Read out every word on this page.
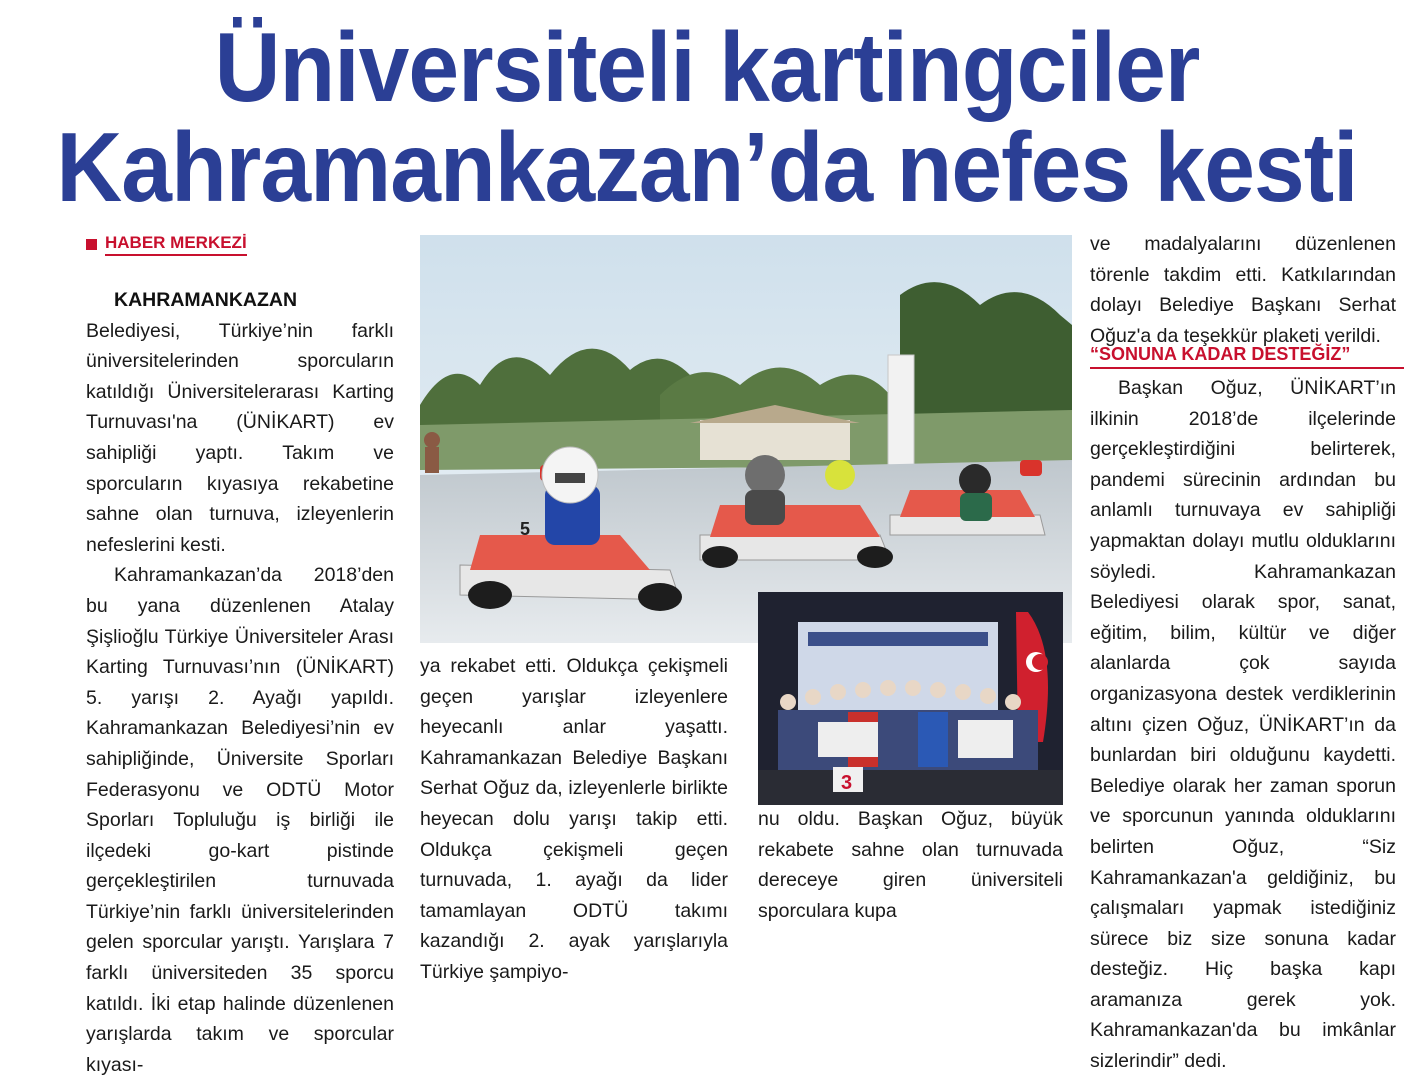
Üniversiteli kartingciler
Kahramankazan’da nefes kesti
HABER MERKEZİ

KAHRAMANKAZAN Belediyesi, Türkiye’nin farklı üniversitelerinden sporcuların katıldığı Üniversitelerarası Karting Turnuvası'na (ÜNİKART) ev sahipliği yaptı. Takım ve sporcuların kıyasıya rekabetine sahne olan turnuva, izleyenlerin nefeslerini kesti.

Kahramankazan’da 2018’den bu yana düzenlenen Atalay Şişlioğlu Türkiye Üniversiteler Arası Karting Turnuvası’nın (ÜNİKART) 5. yarışı 2. Ayağı yapıldı. Kahramankazan Belediyesi’nin ev sahipliğinde, Üniversite Sporları Federasyonu ve ODTÜ Motor Sporları Topluluğu iş birliği ile ilçedeki go-kart pistinde gerçekleştirilen turnuvada Türkiye’nin farklı üniversitelerinden gelen sporcular yarıştı. Yarışlara 7 farklı üniversiteden 35 sporcu katıldı. İki etap halinde düzenlenen yarışlarda takım ve sporcular kıyası-

5
3

ya rekabet etti. Oldukça çekişmeli geçen yarışlar izleyenlere heyecanlı anlar yaşattı. Kahramankazan Belediye Başkanı Serhat Oğuz da, izleyenlerle birlikte heyecan dolu yarışı takip etti. Oldukça çekişmeli geçen turnuvada, 1. ayağı da lider tamamlayan ODTÜ takımı kazandığı 2. ayak yarışlarıyla Türkiye şampiyo-

nu oldu. Başkan Oğuz, büyük rekabete sahne olan turnuvada dereceye giren üniversiteli sporculara kupa

ve madalyalarını düzenlenen törenle takdim etti. Katkılarından dolayı Belediye Başkanı Serhat Oğuz'a da teşekkür plaketi verildi.

“SONUNA KADAR DESTEĞİZ”

Başkan Oğuz, ÜNİKART’ın ilkinin 2018’de ilçelerinde gerçekleştirdiğini belirterek, pandemi sürecinin ardından bu anlamlı turnuvaya ev sahipliği yapmaktan dolayı mutlu olduklarını söyledi. Kahramankazan Belediyesi olarak spor, sanat, eğitim, bilim, kültür ve diğer alanlarda çok sayıda organizasyona destek verdiklerinin altını çizen Oğuz, ÜNİKART’ın da bunlardan biri olduğunu kaydetti. Belediye olarak her zaman sporun ve sporcunun yanında olduklarını belirten Oğuz, “Siz Kahramankazan'a geldiğiniz, bu çalışmaları yapmak istediğiniz sürece biz size sonuna kadar desteğiz. Hiç başka kapı aramanıza gerek yok. Kahramankazan'da bu imkânlar sizlerindir” dedi.
